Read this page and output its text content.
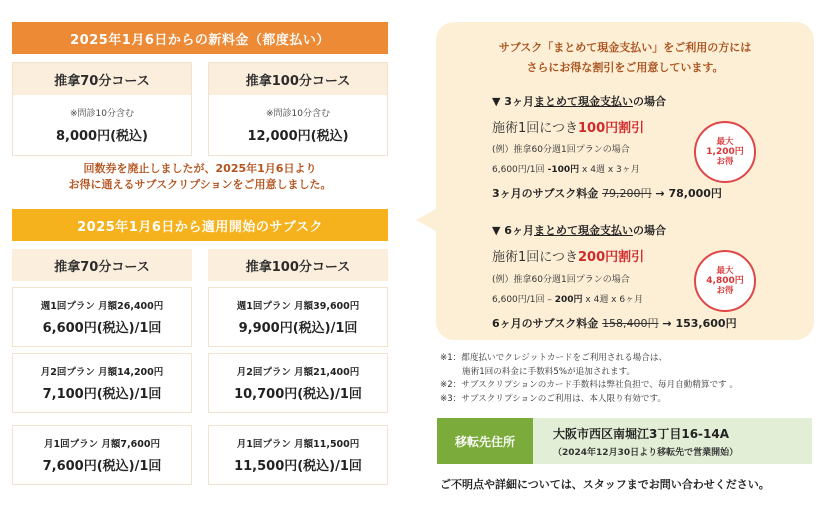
2025年1月6日からの新料金（都度払い）
推拿70分コース
※問診10分含む
8,000円(税込)
推拿100分コース
※問診10分含む
12,000円(税込)
回数券を廃止しましたが、2025年1月6日より
お得に通えるサブスクリプションをご用意しました。
2025年1月6日から適用開始のサブスク
推拿70分コース	推拿100分コース
週1回プラン 月額26,400円
6,600円(税込)/1回
月2回プラン 月額14,200円
7,100円(税込)/1回
月1回プラン 月額7,600円
7,600円(税込)/1回
週1回プラン 月額39,600円
9,900円(税込)/1回
月2回プラン 月額21,400円
10,700円(税込)/1回
月1回プラン 月額11,500円
11,500円(税込)/1回
サブスク「まとめて現金支払い」をご利用の方には
さらにお得な割引をご用意しています。
▼ 3ヶ月まとめて現金支払いの場合
施術1回につき100円割引
(例）推拿60分週1回プランの場合
6,600円/1回 -100円 x 4週 x 3ヶ月
3ヶ月のサブスク料金 79,200円 → 78,000円
最大
1,200円
お得
▼ 6ヶ月まとめて現金支払いの場合
施術1回につき200円割引
(例）推拿60分週1回プランの場合
6,600円/1回 – 200円 x 4週 x 6ヶ月
6ヶ月のサブスク料金 158,400円 → 153,600円
最大
4,800円
お得
※1：都度払いでクレジットカードをご利用される場合は、
施術1回の料金に手数料5%が追加されます。
※2：サブスクリプションのカード手数料は弊社負担で、毎月自動精算です 。
※3：サブスクリプションのご利用は、本人限り有効です。
移転先住所
大阪市西区南堀江3丁目16-14A
（2024年12月30日より移転先で営業開始）
ご不明点や詳細については、スタッフまでお問い合わせください。
